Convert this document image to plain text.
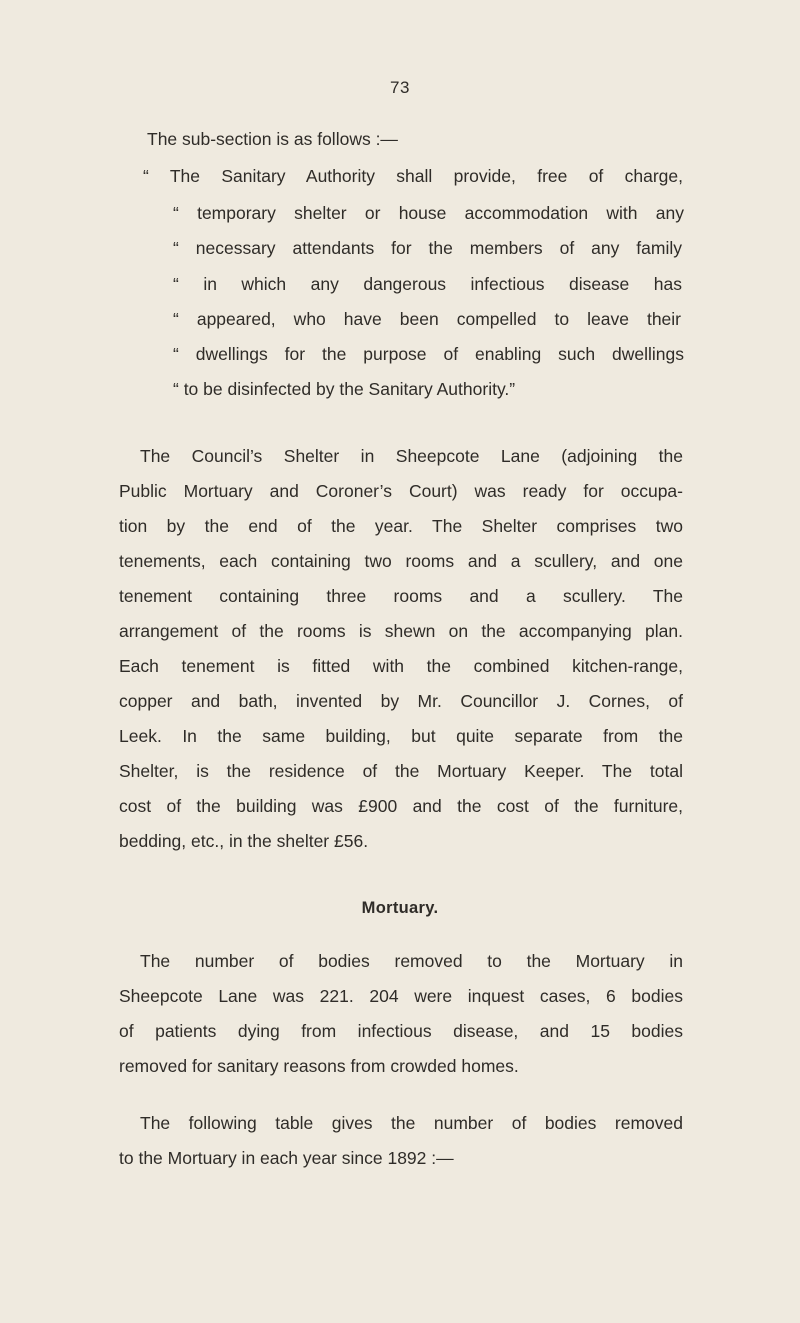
73
The sub-section is as follows :—
“ The Sanitary Authority shall provide, free of charge,
“ temporary shelter or house accommodation with any
“ necessary attendants for the members of any family
“ in which any dangerous infectious disease has
“ appeared, who have been compelled to leave their
“ dwellings for the purpose of enabling such dwellings
“ to be disinfected by the Sanitary Authority.”
The Council’s Shelter in Sheepcote Lane (adjoining the
Public Mortuary and Coroner’s Court) was ready for occupa-
tion by the end of the year. The Shelter comprises two
tenements, each containing two rooms and a scullery, and one
tenement containing three rooms and a scullery. The
arrangement of the rooms is shewn on the accompanying plan.
Each tenement is fitted with the combined kitchen-range,
copper and bath, invented by Mr. Councillor J. Cornes, of
Leek. In the same building, but quite separate from the
Shelter, is the residence of the Mortuary Keeper. The total
cost of the building was £900 and the cost of the furniture,
bedding, etc., in the shelter £56.
Mortuary.
The number of bodies removed to the Mortuary in
Sheepcote Lane was 221. 204 were inquest cases, 6 bodies
of patients dying from infectious disease, and 15 bodies
removed for sanitary reasons from crowded homes.
The following table gives the number of bodies removed
to the Mortuary in each year since 1892 :—
